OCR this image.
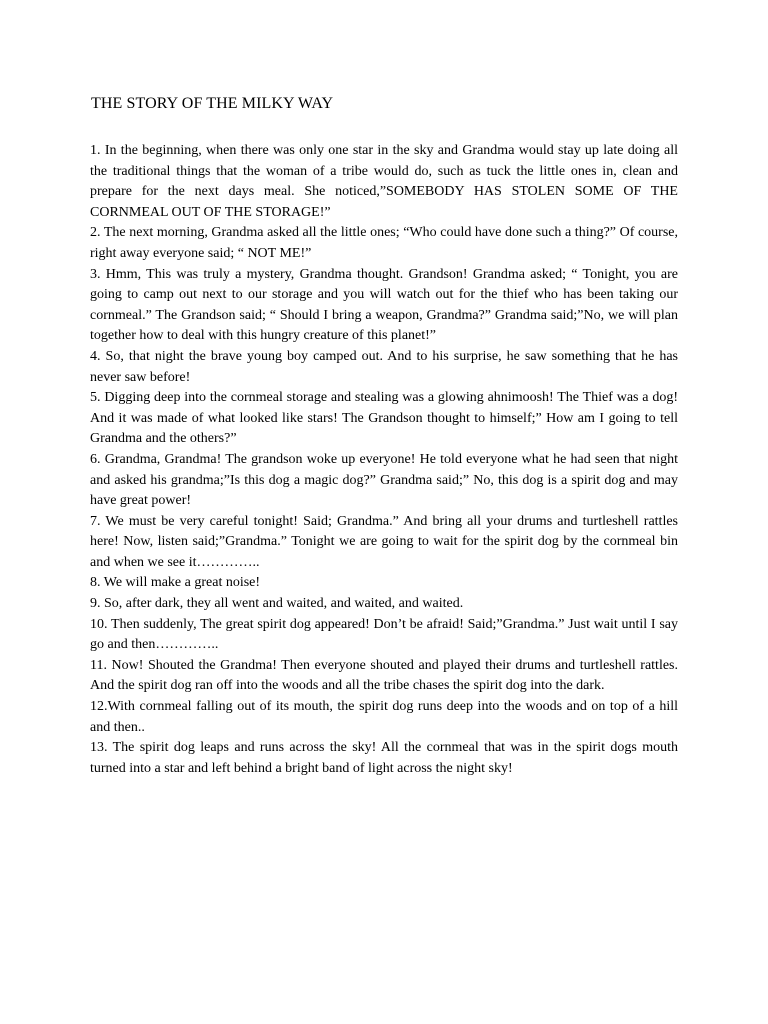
THE STORY OF THE MILKY WAY

1. In the beginning, when there was only one star in the sky and Grandma would stay up late doing all the traditional things that the woman of a tribe would do, such as tuck the little ones in, clean and prepare for the next days meal. She noticed,”SOMEBODY HAS STOLEN SOME OF THE CORNMEAL OUT OF THE STORAGE!”

2. The next morning, Grandma asked all the little ones; “Who could have done such a thing?” Of course, right away everyone said; “ NOT ME!”

3. Hmm, This was truly a mystery, Grandma thought. Grandson! Grandma asked; “ Tonight, you are going to camp out next to our storage and you will watch out for the thief who has been taking our cornmeal.” The Grandson said; “ Should I bring a weapon, Grandma?” Grandma said;”No, we will plan together how to deal with this hungry creature of this planet!”

4. So, that night the brave young boy camped out. And to his surprise, he saw something that he has never saw before!

5. Digging deep into the cornmeal storage and stealing was a glowing ahnimoosh! The Thief was a dog! And it was made of what looked like stars! The Grandson thought to himself;” How am I going to tell Grandma and the others?”

6. Grandma, Grandma! The grandson woke up everyone! He told everyone what he had seen that night and asked his grandma;”Is this dog a magic dog?” Grandma said;” No, this dog is a spirit dog and may have great power!

7. We must be very careful tonight! Said; Grandma.” And bring all your drums and turtleshell rattles here! Now, listen said;”Grandma.” Tonight we are going to wait for the spirit dog by the cornmeal bin and when we see it…………..

8. We will make a great noise!

9. So, after dark, they all went and waited, and waited, and waited.

10. Then suddenly, The great spirit dog appeared! Don’t be afraid! Said;”Grandma.” Just wait until I say go and then…………..

11. Now! Shouted the Grandma! Then everyone shouted and played their drums and turtleshell rattles. And the spirit dog ran off into the woods and all the tribe chases the spirit dog into the dark.

12.With cornmeal falling out of its mouth, the spirit dog runs deep into the woods and on top of a hill and then..

13. The spirit dog leaps and runs across the sky! All the cornmeal that was in the spirit dogs mouth turned into a star and left behind a bright band of light across the night sky!
